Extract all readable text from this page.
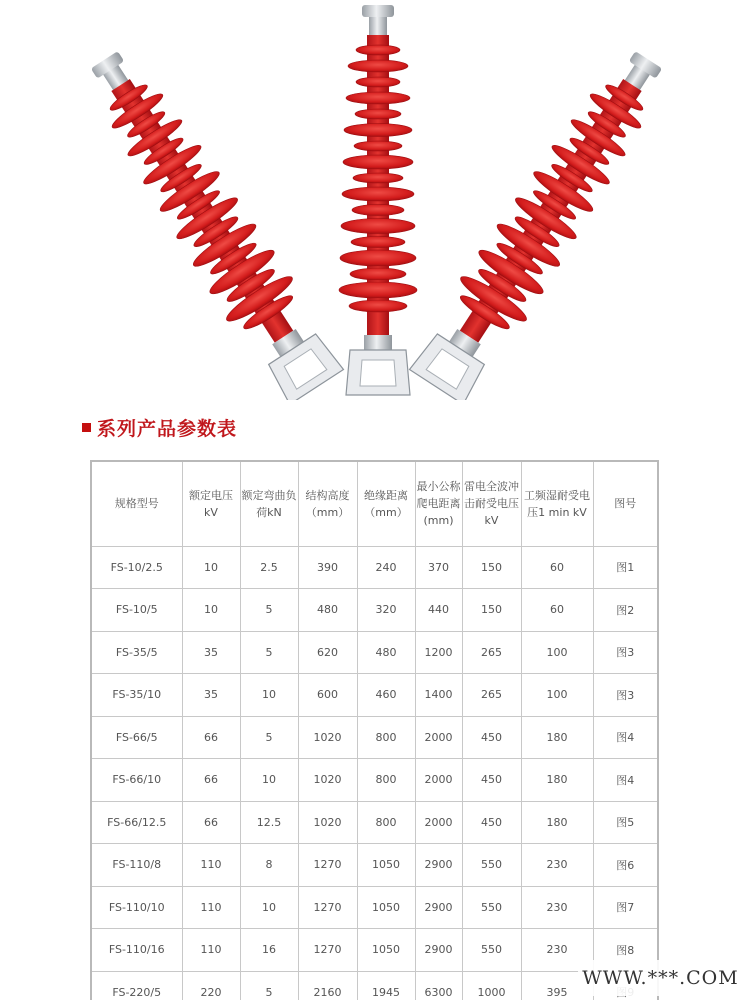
系列产品参数表
规格型号	额定电压kV	额定弯曲负荷kN	结构高度（mm）	绝缘距离（mm）	最小公称爬电距离(mm)	雷电全波冲击耐受电压kV	工频湿耐受电压1 min kV	图号
FS-10/2.5	10	2.5	390	240	370	150	60	图1
FS-10/5	10	5	480	320	440	150	60	图2
FS-35/5	35	5	620	480	1200	265	100	图3
FS-35/10	35	10	600	460	1400	265	100	图3
FS-66/5	66	5	1020	800	2000	450	180	图4
FS-66/10	66	10	1020	800	2000	450	180	图4
FS-66/12.5	66	12.5	1020	800	2000	450	180	图5
FS-110/8	110	8	1270	1050	2900	550	230	图6
FS-110/10	110	10	1270	1050	2900	550	230	图7
FS-110/16	110	16	1270	1050	2900	550	230	图8
FS-220/5	220	5	2160	1945	6300	1000	395	
WWW.***.COM
